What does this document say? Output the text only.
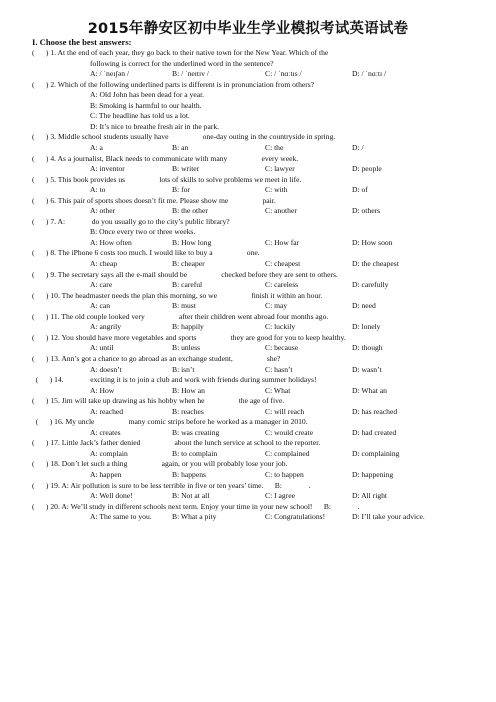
2015年静安区初中毕业生学业模拟考试英语试卷
I. Choose the best answers:
(      ) 1. At the end of each year, they go back to their native town for the New Year. Which of the
following is correct for the underlined word in the sentence?
A: / ˈneɪʃən /	B: / ˈneɪtɪv /	C: / ˈnɑːtɪs /	D: / ˈnɑːtɪ /
(      ) 2. Which of the following underlined parts is different is in pronunciation from others?
A: Old John has been dead for a year.
B: Smoking is harmful to our health.
C: The headline has told us a lot.
D: It’s nice to breathe fresh air in the park.
(      ) 3. Middle school students usually have                  one-day outing in the countryside in spring.
A: a	B: an	C: the	D: /
(      ) 4. As a journalist, Black needs to communicate with many                  every week.
A: inventor	B: writer	C: lawyer	D: people
(      ) 5. This book provides us                  lots of skills to solve problems we meet in life.
A: to	B: for	C: with	D: of
(      ) 6. This pair of sports shoes doesn’t fit me. Please show me                  pair.
A: other	B: the other	C: another	D: others
(      ) 7. A:              do you usually go to the city’s public library?
B: Once every two or three weeks.
A: How often	B: How long	C: How far	D: How soon
(      ) 8. The iPhone 6 costs too much. I would like to buy a                  one.
A: cheap	B: cheaper	C: cheapest	D: the cheapest
(      ) 9. The secretary says all the e-mail should be                  checked before they are sent to others.
A: care	B: careful	C: careless	D: carefully
(      ) 10. The headmaster needs the plan this morning, so we                  finish it within an hour.
A: can	B: must	C: may	D: need
(      ) 11. The old couple looked very                  after their children went abroad four months ago.
A: angrily	B: happily	C: luckily	D: lonely
(      ) 12. You should have more vegetables and sports                  they are good for you to keep healthy.
A: until	B: unless	C: because	D: though
(      ) 13. Ann’s got a chance to go abroad as an exchange student,                  she?
A: doesn’t	B: isn’t	C: hasn’t	D: wasn’t
(      ) 14.              exciting it is to join a club and work with friends during summer holidays!
A: How	B: How an	C: What	D: What an
(      ) 15. Jim will take up drawing as his hobby when he                  the age of five.
A: reached	B: reaches	C: will reach	D: has reached
(      ) 16. My uncle                  many comic strips before he worked as a manager in 2010.
A: creates	B: was creating	C: would create	D: had created
(      ) 17. Little Jack’s father denied                  about the lunch service at school to the reporter.
A: complain	B: to complain	C: complained	D: complaining
(      ) 18. Don’t let such a thing                  again, or you will probably lose your job.
A: happen	B: happens	C: to happen	D: happening
(      ) 19. A: Air pollution is sure to be less terrible in five or ten years’ time.      B:              .
A: Well done!	B: Not at all	C: I agree	D: All right
(      ) 20. A: We’ll study in different schools next term. Enjoy your time in your new school!      B:              .
A: The same to you.	B: What a pity	C: Congratulations!	D: I’ll take your advice.
